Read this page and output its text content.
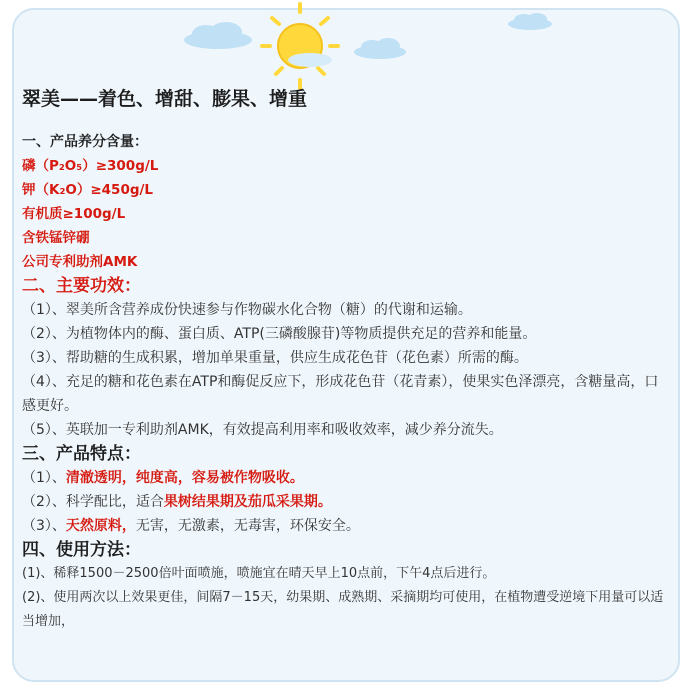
翠美——着色、增甜、膨果、增重
一、产品养分含量：
磷（P₂O₅）≥300g/L
钾（K₂O）≥450g/L
有机质≥100g/L
含铁锰锌硼
公司专利助剂AMK
二、主要功效：
（1）、翠美所含营养成份快速参与作物碳水化合物（糖）的代谢和运输。
（2）、为植物体内的酶、蛋白质、ATP(三磷酸腺苷)等物质提供充足的营养和能量。
（3）、帮助糖的生成积累，增加单果重量，供应生成花色苷（花色素）所需的酶。
（4）、充足的糖和花色素在ATP和酶促反应下，形成花色苷（花青素），使果实色泽漂亮，含糖量高，口感更好。
（5）、英联加一专利助剂AMK，有效提高利用率和吸收效率，减少养分流失。
三、产品特点：
（1）、清澈透明，纯度高，容易被作物吸收。
（2）、科学配比，适合果树结果期及茄瓜采果期。
（3）、天然原料，无害，无激素，无毒害，环保安全。
四、使用方法：
(1)、稀释1500－2500倍叶面喷施，喷施宜在晴天早上10点前，下午4点后进行。
(2)、使用两次以上效果更佳，间隔7－15天，幼果期、成熟期、采摘期均可使用，在植物遭受逆境下用量可以适当增加，
